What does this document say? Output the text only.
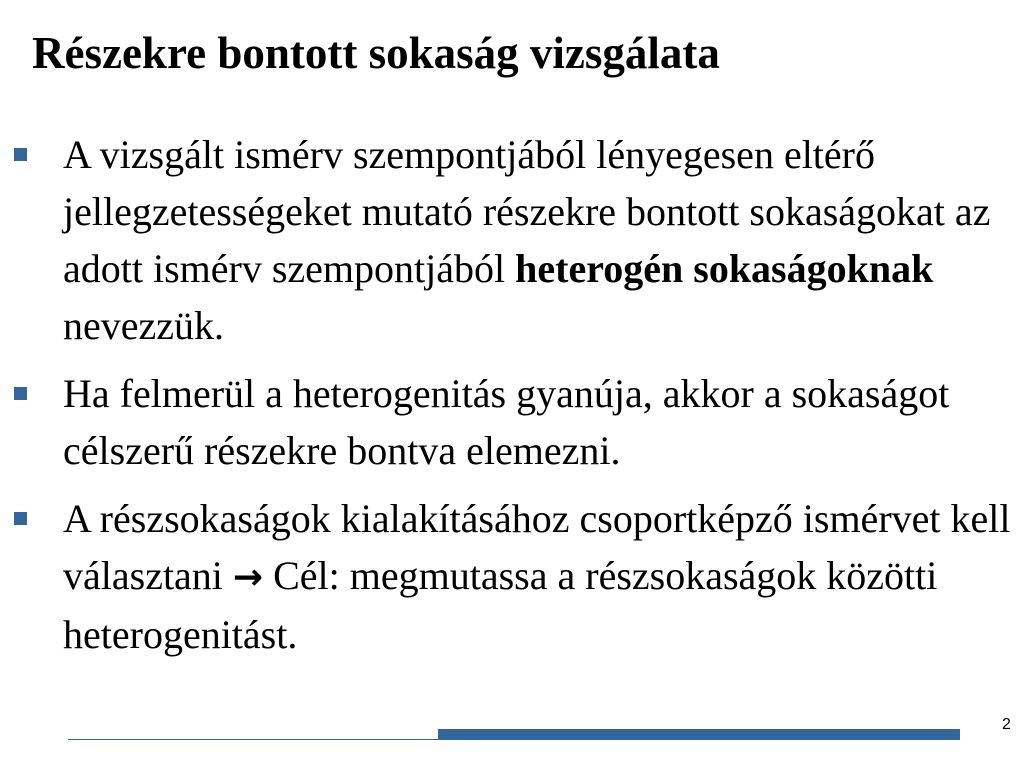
Részekre bontott sokaság vizsgálata

A vizsgált ismérv szempontjából lényegesen eltérő jellegzetességeket mutató részekre bontott sokaságokat az adott ismérv szempontjából heterogén sokaságoknak nevezzük.

Ha felmerül a heterogenitás gyanúja, akkor a sokaságot célszerű részekre bontva elemezni.

A részsokaságok kialakításához csoportképző ismérvet kell választani → Cél: megmutassa a részsokaságok közötti heterogenitást.

2
